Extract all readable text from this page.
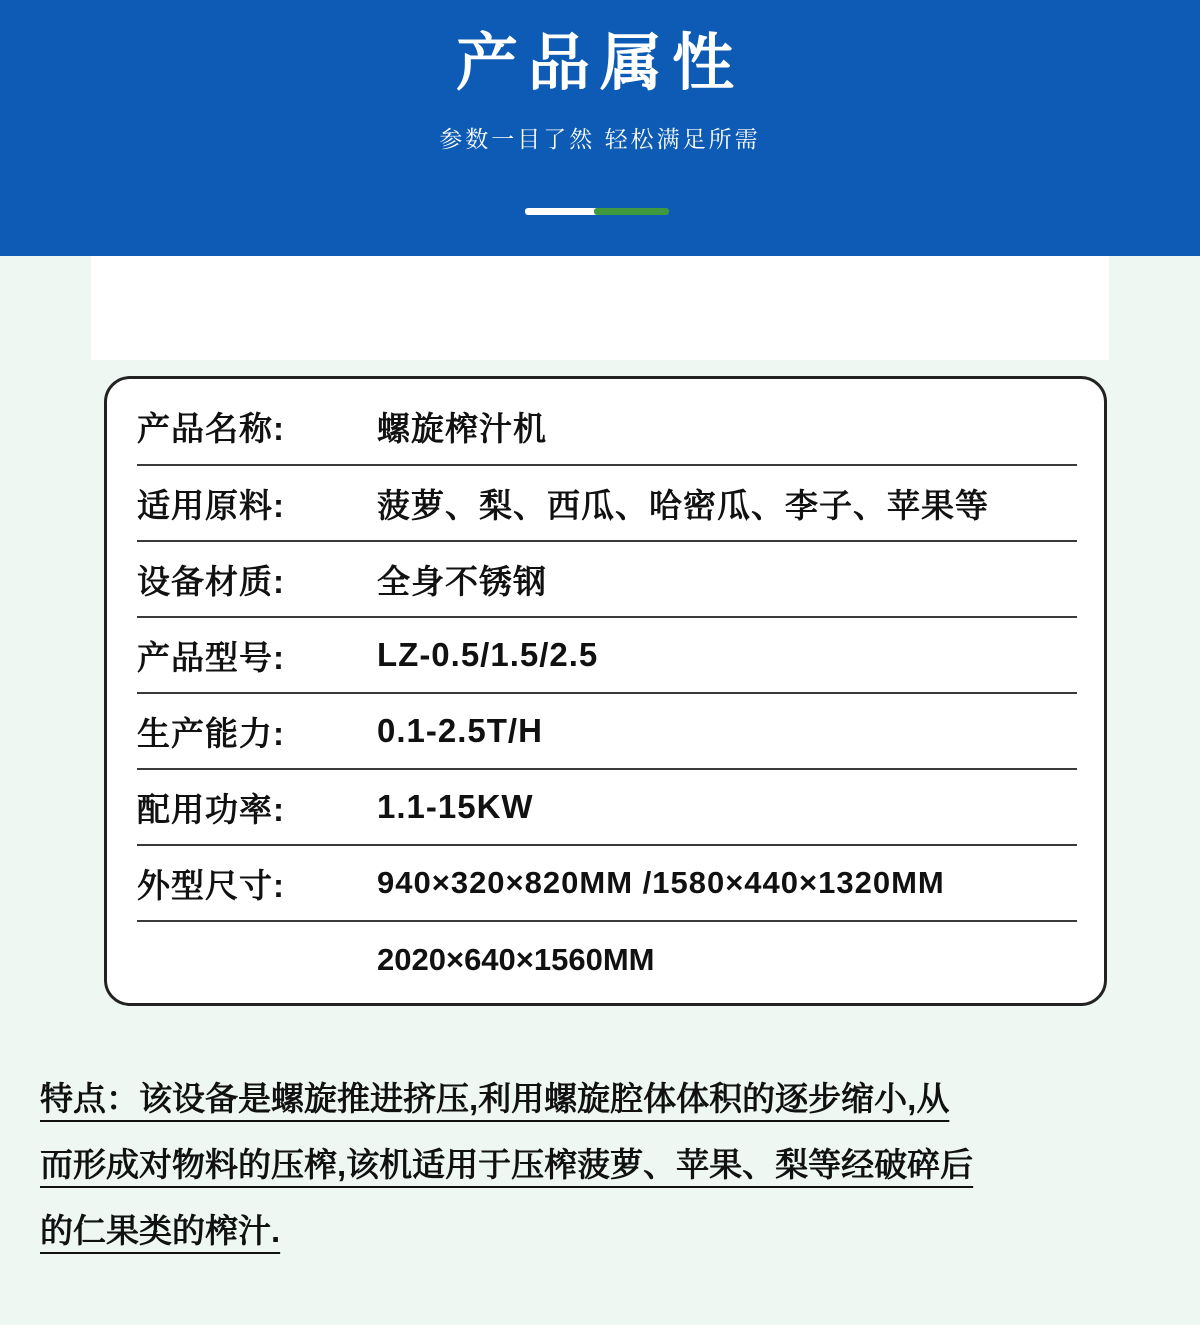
产品属性

参数一目了然 轻松满足所需

产品名称:	螺旋榨汁机
适用原料:	菠萝、梨、西瓜、哈密瓜、李子、苹果等
设备材质:	全身不锈钢
产品型号:	LZ-0.5/1.5/2.5
生产能力:	0.1-2.5T/H
配用功率:	1.1-15KW
外型尺寸:	940×320×820MM /1580×440×1320MM
	2020×640×1560MM
特点：该设备是螺旋推进挤压,利用螺旋腔体体积的逐步缩小,从
而形成对物料的压榨,该机适用于压榨菠萝、苹果、梨等经破碎后
的仁果类的榨汁.
